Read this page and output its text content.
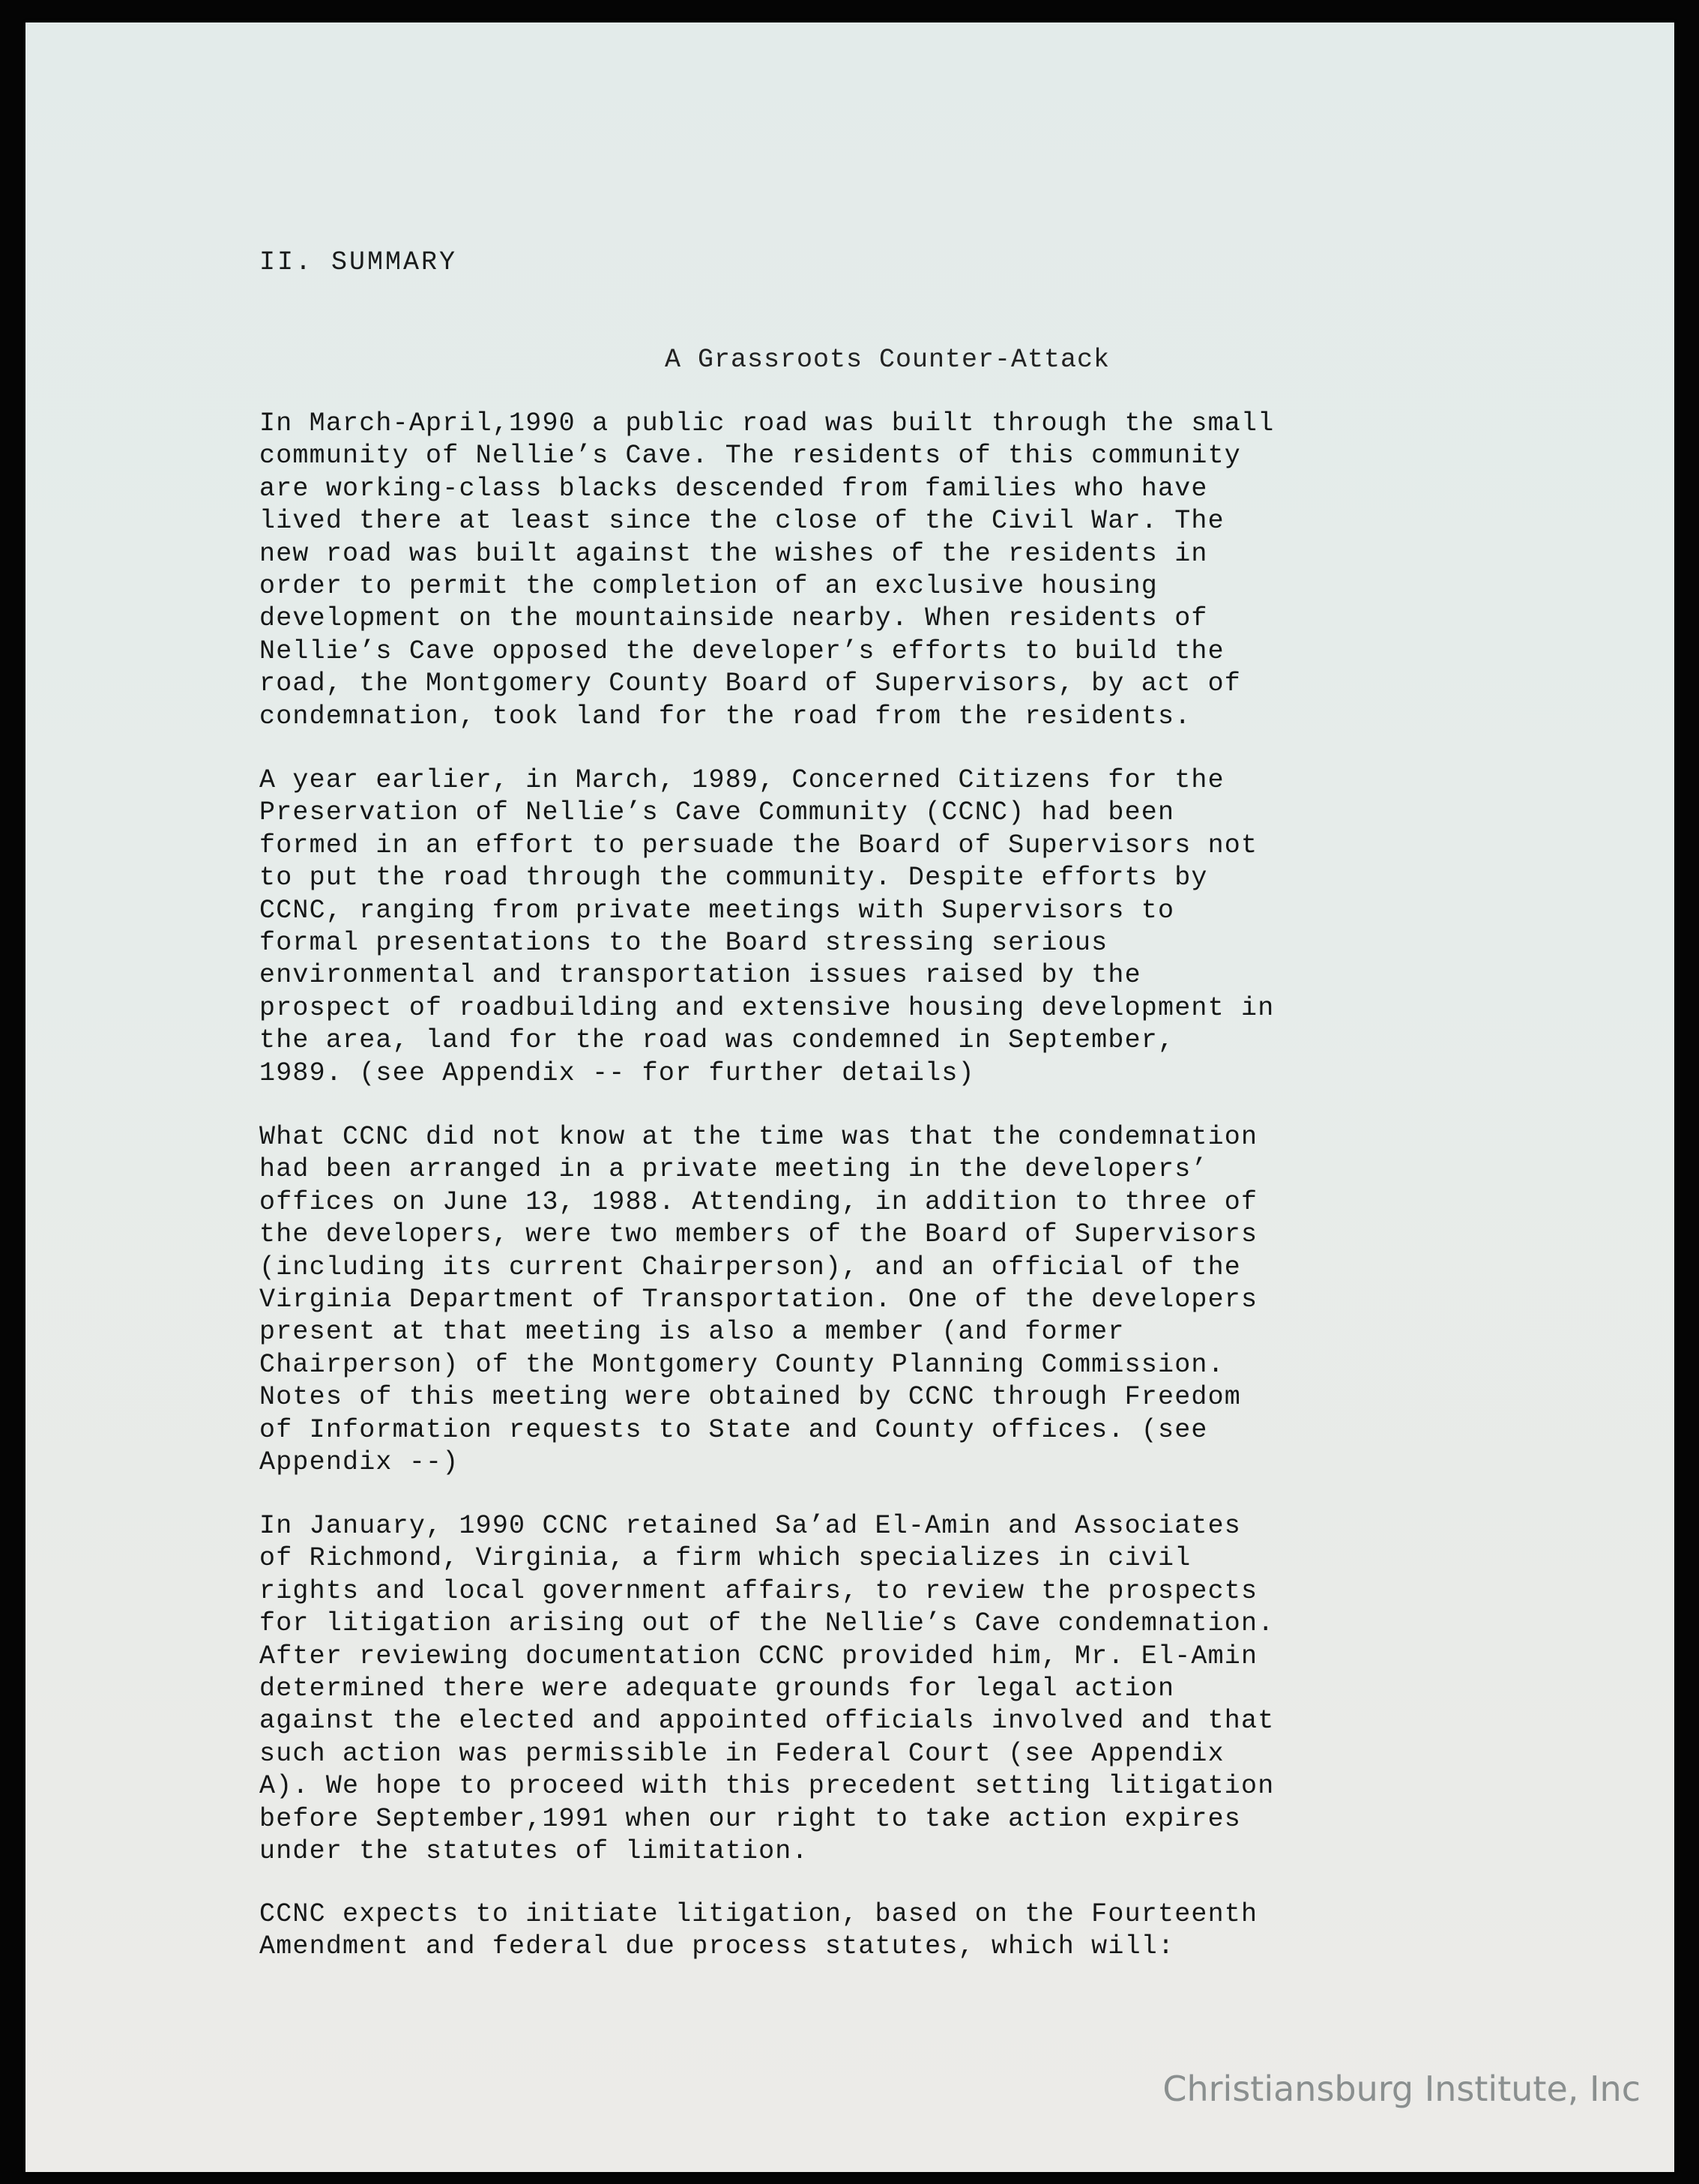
II. SUMMARY
A Grassroots Counter-Attack

In March-April,1990 a public road was built through the small
community of Nellie’s Cave. The residents of this community
are working-class blacks descended from families who have
lived there at least since the close of the Civil War. The
new road was built against the wishes of the residents in
order to permit the completion of an exclusive housing
development on the mountainside nearby. When residents of
Nellie’s Cave opposed the developer’s efforts to build the
road, the Montgomery County Board of Supervisors, by act of
condemnation, took land for the road from the residents.

A year earlier, in March, 1989, Concerned Citizens for the
Preservation of Nellie’s Cave Community (CCNC) had been
formed in an effort to persuade the Board of Supervisors not
to put the road through the community. Despite efforts by
CCNC, ranging from private meetings with Supervisors to
formal presentations to the Board stressing serious
environmental and transportation issues raised by the
prospect of roadbuilding and extensive housing development in
the area, land for the road was condemned in September,
1989. (see Appendix -- for further details)

What CCNC did not know at the time was that the condemnation
had been arranged in a private meeting in the developers’
offices on June 13, 1988. Attending, in addition to three of
the developers, were two members of the Board of Supervisors
(including its current Chairperson), and an official of the
Virginia Department of Transportation. One of the developers
present at that meeting is also a member (and former
Chairperson) of the Montgomery County Planning Commission.
Notes of this meeting were obtained by CCNC through Freedom
of Information requests to State and County offices. (see
Appendix --)

In January, 1990 CCNC retained Sa’ad El-Amin and Associates
of Richmond, Virginia, a firm which specializes in civil
rights and local government affairs, to review the prospects
for litigation arising out of the Nellie’s Cave condemnation.
After reviewing documentation CCNC provided him, Mr. El-Amin
determined there were adequate grounds for legal action
against the elected and appointed officials involved and that
such action was permissible in Federal Court (see Appendix
A). We hope to proceed with this precedent setting litigation
before September,1991 when our right to take action expires
under the statutes of limitation.

CCNC expects to initiate litigation, based on the Fourteenth
Amendment and federal due process statutes, which will:

Christiansburg Institute, Inc
